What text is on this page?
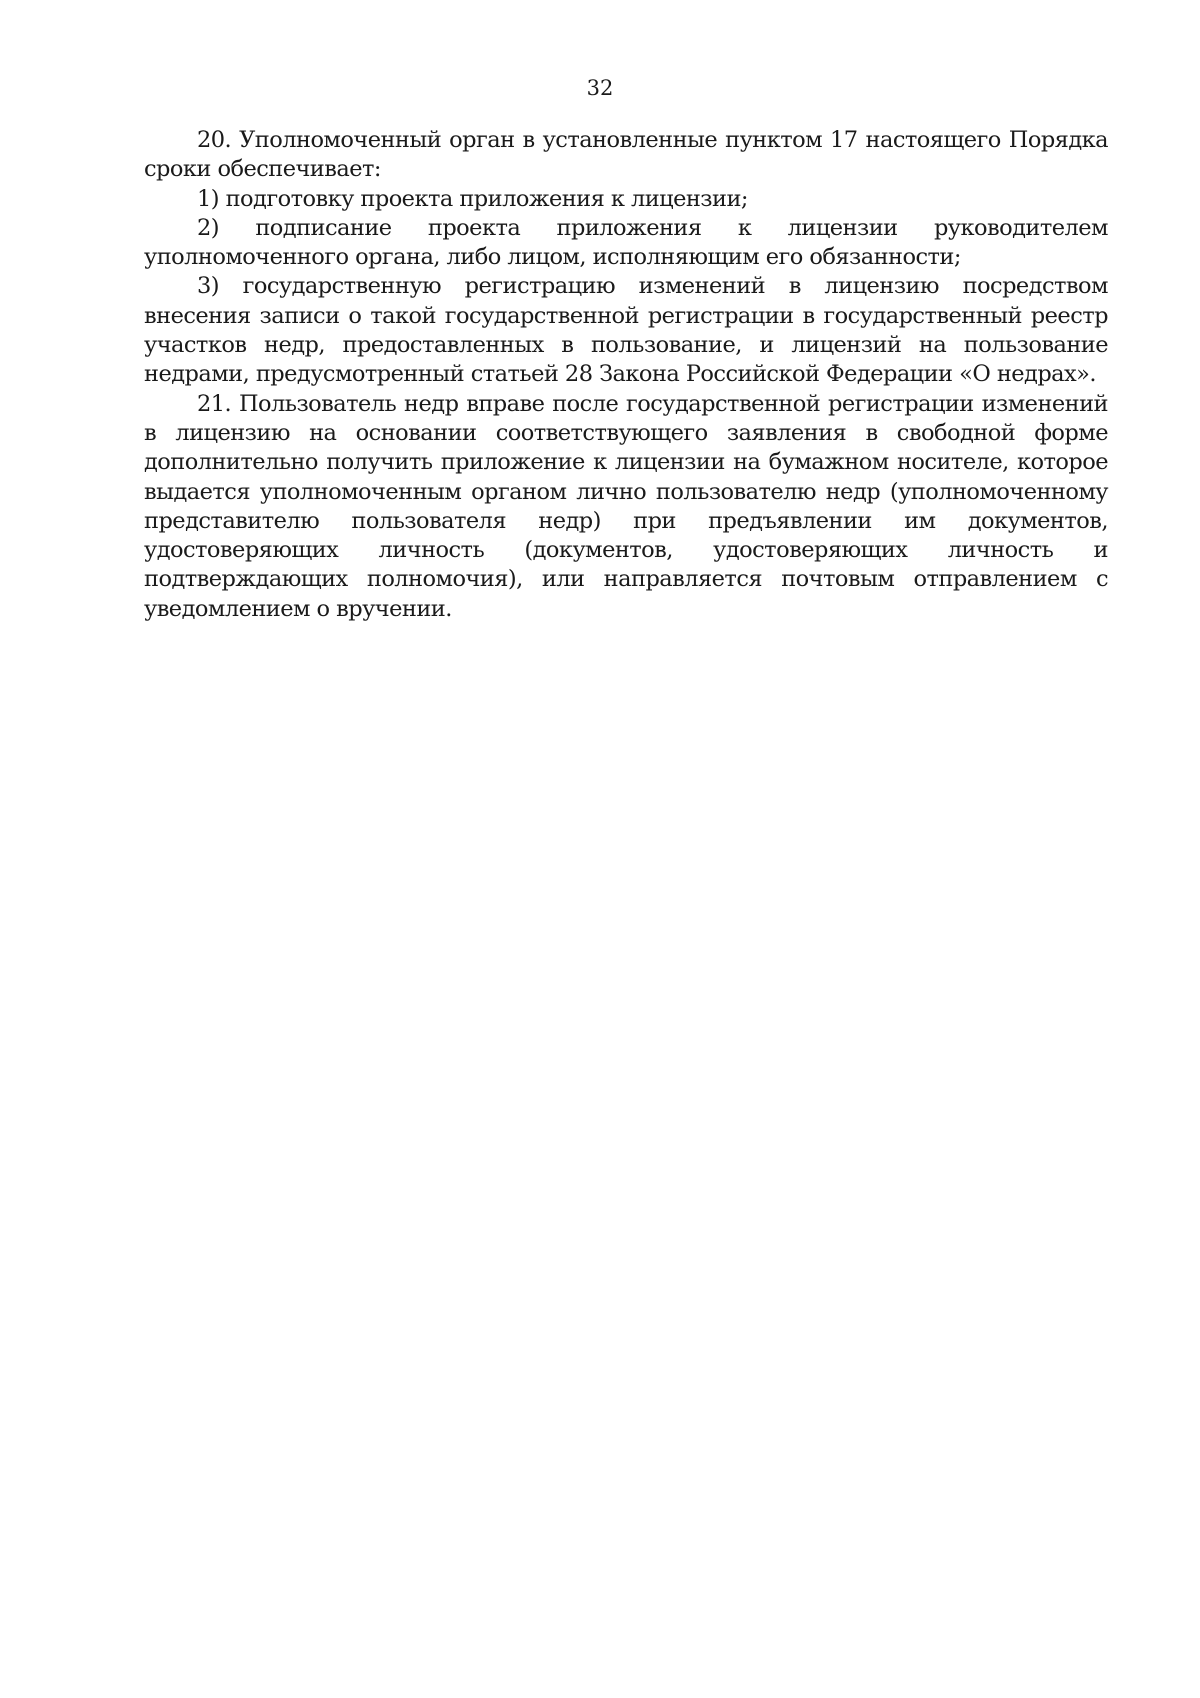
32

20. Уполномоченный орган в установленные пунктом 17 настоящего Порядка сроки обеспечивает:

1) подготовку проекта приложения к лицензии;

2) подписание проекта приложения к лицензии руководителем уполномоченного органа, либо лицом, исполняющим его обязанности;

3) государственную регистрацию изменений в лицензию посредством внесения записи о такой государственной регистрации в государственный реестр участков недр, предоставленных в пользование, и лицензий на пользование недрами, предусмотренный статьей 28 Закона Российской Федерации «О недрах».

21. Пользователь недр вправе после государственной регистрации изменений в лицензию на основании соответствующего заявления в свободной форме дополнительно получить приложение к лицензии на бумажном носителе, которое выдается уполномоченным органом лично пользователю недр (уполномоченному представителю пользователя недр) при предъявлении им документов, удостоверяющих личность (документов, удостоверяющих личность и подтверждающих полномочия), или направляется почтовым отправлением с уведомлением о вручении.
